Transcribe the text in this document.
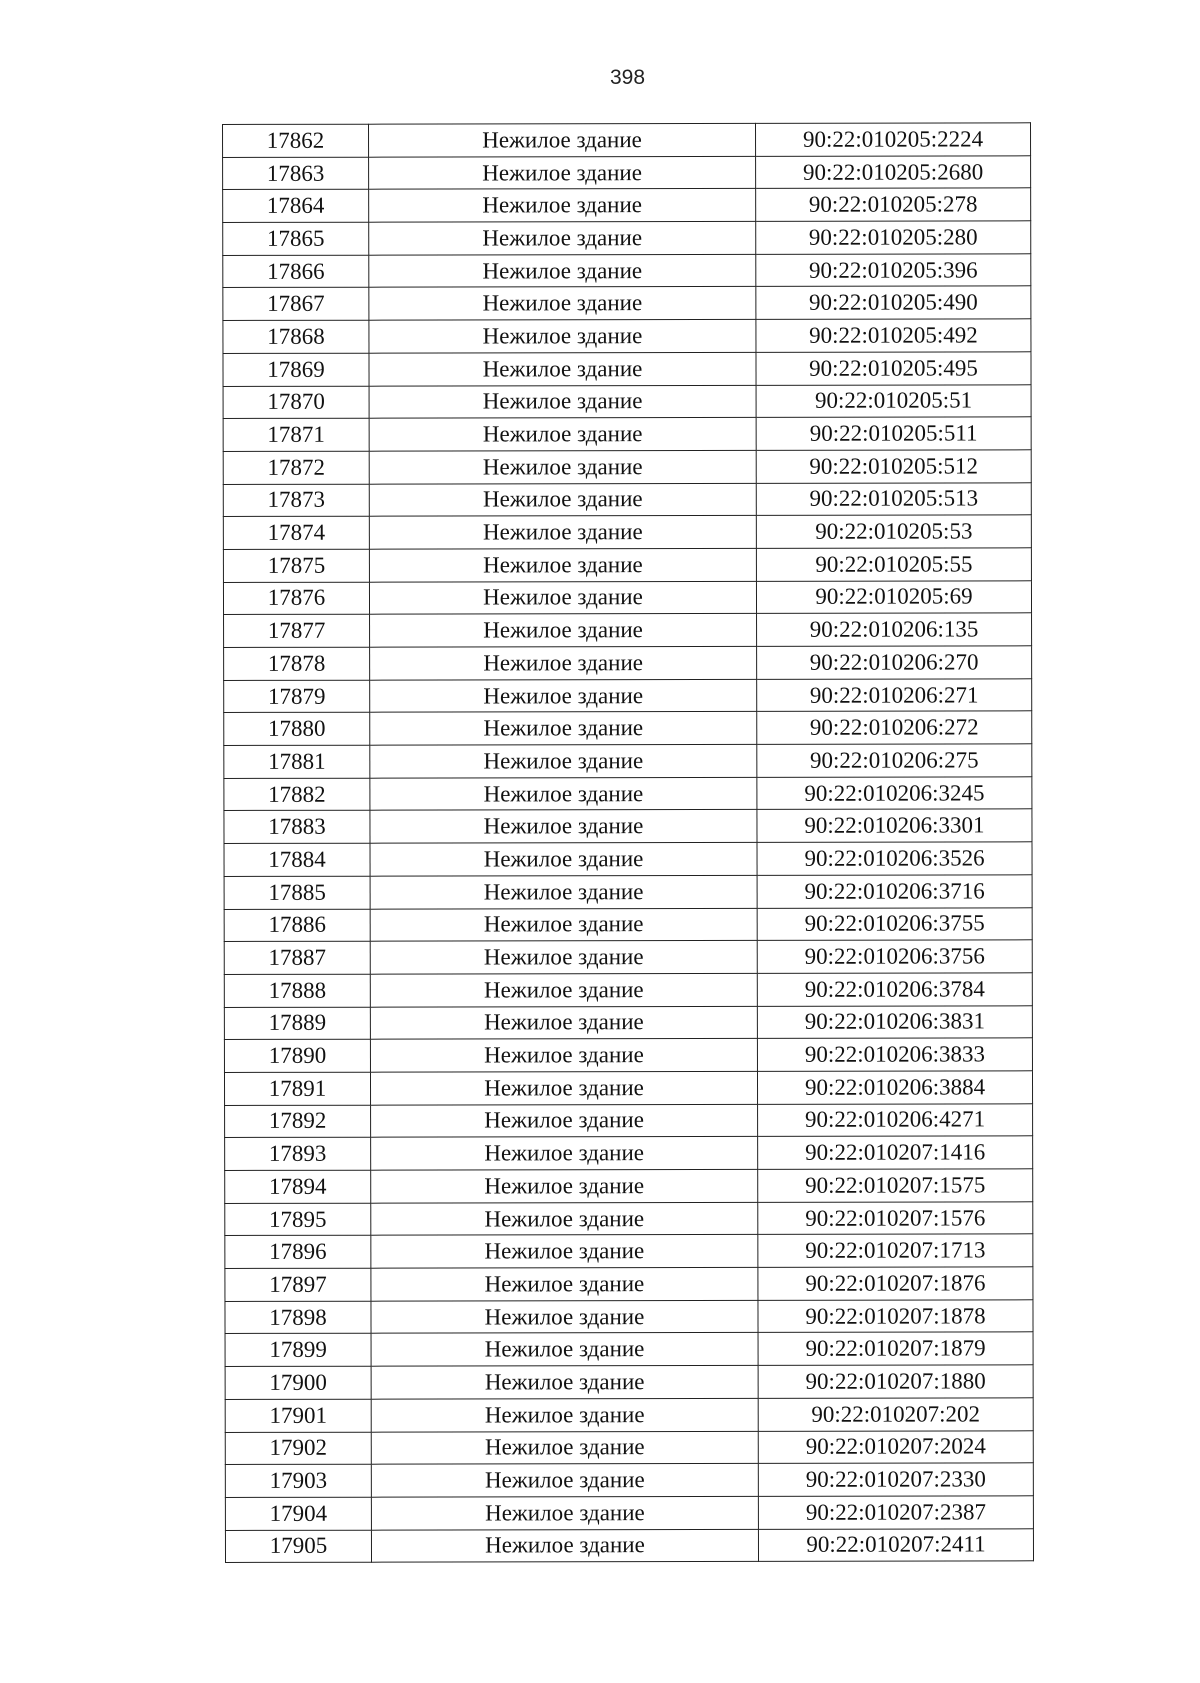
398
17862	Нежилое здание	90:22:010205:2224
17863	Нежилое здание	90:22:010205:2680
17864	Нежилое здание	90:22:010205:278
17865	Нежилое здание	90:22:010205:280
17866	Нежилое здание	90:22:010205:396
17867	Нежилое здание	90:22:010205:490
17868	Нежилое здание	90:22:010205:492
17869	Нежилое здание	90:22:010205:495
17870	Нежилое здание	90:22:010205:51
17871	Нежилое здание	90:22:010205:511
17872	Нежилое здание	90:22:010205:512
17873	Нежилое здание	90:22:010205:513
17874	Нежилое здание	90:22:010205:53
17875	Нежилое здание	90:22:010205:55
17876	Нежилое здание	90:22:010205:69
17877	Нежилое здание	90:22:010206:135
17878	Нежилое здание	90:22:010206:270
17879	Нежилое здание	90:22:010206:271
17880	Нежилое здание	90:22:010206:272
17881	Нежилое здание	90:22:010206:275
17882	Нежилое здание	90:22:010206:3245
17883	Нежилое здание	90:22:010206:3301
17884	Нежилое здание	90:22:010206:3526
17885	Нежилое здание	90:22:010206:3716
17886	Нежилое здание	90:22:010206:3755
17887	Нежилое здание	90:22:010206:3756
17888	Нежилое здание	90:22:010206:3784
17889	Нежилое здание	90:22:010206:3831
17890	Нежилое здание	90:22:010206:3833
17891	Нежилое здание	90:22:010206:3884
17892	Нежилое здание	90:22:010206:4271
17893	Нежилое здание	90:22:010207:1416
17894	Нежилое здание	90:22:010207:1575
17895	Нежилое здание	90:22:010207:1576
17896	Нежилое здание	90:22:010207:1713
17897	Нежилое здание	90:22:010207:1876
17898	Нежилое здание	90:22:010207:1878
17899	Нежилое здание	90:22:010207:1879
17900	Нежилое здание	90:22:010207:1880
17901	Нежилое здание	90:22:010207:202
17902	Нежилое здание	90:22:010207:2024
17903	Нежилое здание	90:22:010207:2330
17904	Нежилое здание	90:22:010207:2387
17905	Нежилое здание	90:22:010207:2411
